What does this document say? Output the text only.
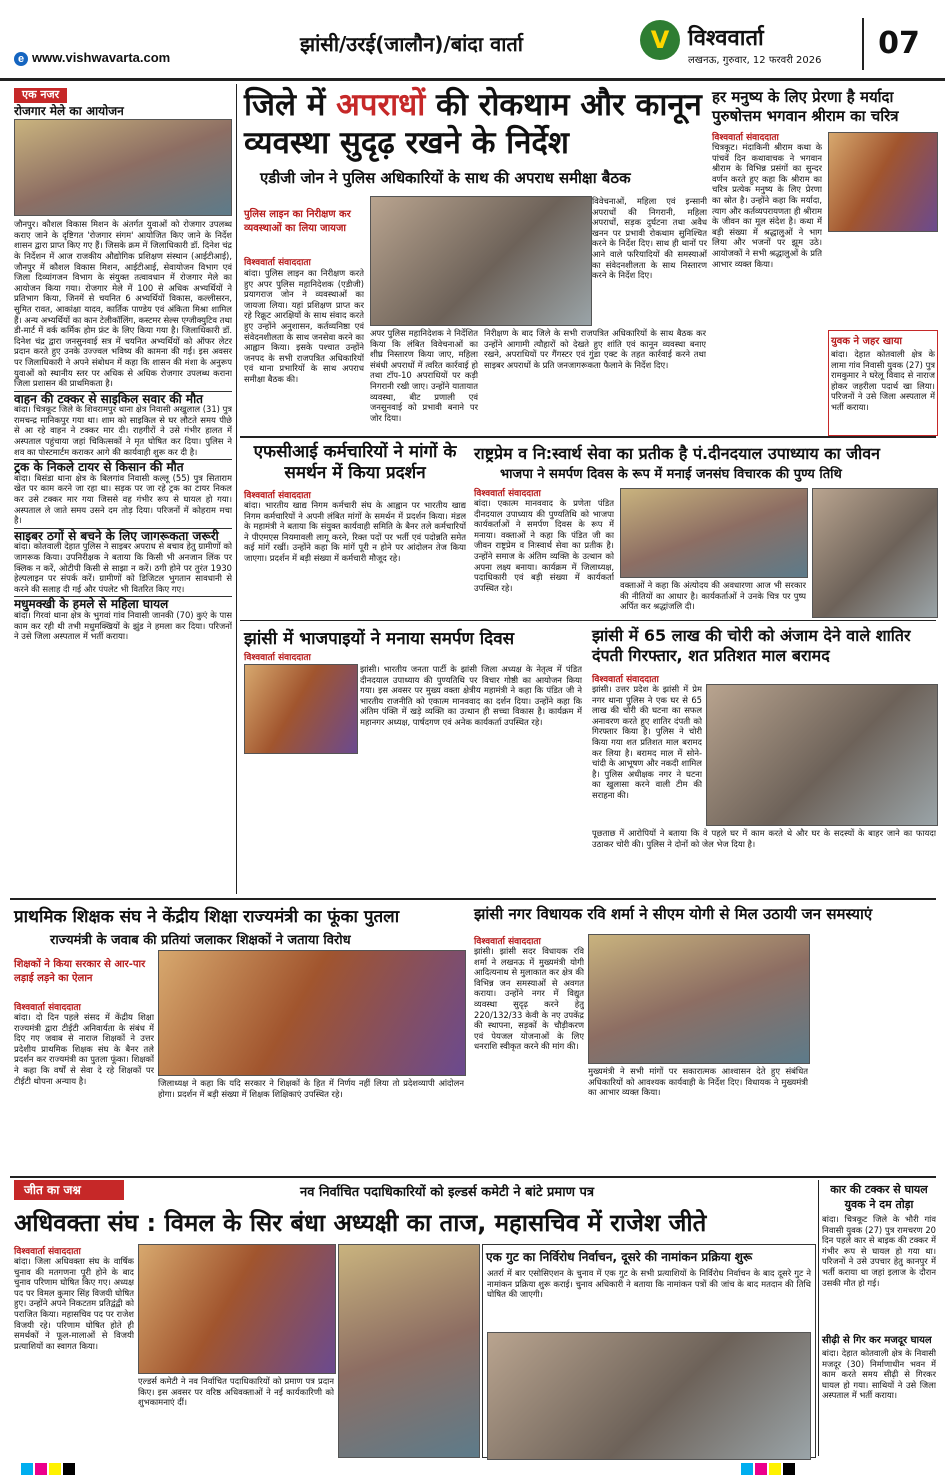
e www.vishwavarta.com
झांसी/उरई(जालौन)/बांदा वार्ता	V विश्ववार्ता
लखनऊ, गुरुवार, 12 फरवरी 2026	07
एक नजर
रोजगार मेले का आयोजन

जौनपुर। कौशल विकास मिशन के अंतर्गत युवाओं को रोजगार उपलब्ध कराए जाने के दृष्टिगत 'रोजगार संगम' आयोजित किए जाने के निर्देश शासन द्वारा प्राप्त किए गए हैं। जिसके क्रम में जिलाधिकारी डॉ. दिनेश चंद्र के निर्देशन में आज राजकीय औद्योगिक प्रशिक्षण संस्थान (आईटीआई), जौनपुर में कौशल विकास मिशन, आईटीआई, सेवायोजन विभाग एवं जिला दिव्यांगजन विभाग के संयुक्त तत्वावधान में रोजगार मेले का आयोजन किया गया। रोजगार मेले में 100 से अधिक अभ्यर्थियों ने प्रतिभाग किया, जिनमें से चयनित 6 अभ्यर्थियों विकास, कल्लीसरन, सुमित रावत, आकांक्षा यादव, कार्तिक पाण्डेय एवं अंकिता मिश्रा शामिल हैं। अन्य अभ्यर्थियों का कान टेलीकॉलिंग, कस्टमर सेल्स एग्जीक्युटिव तथा डी-मार्ट में वर्क कर्मिक होम फ्रंट के लिए किया गया है। जिलाधिकारी डॉ. दिनेश चंद्र द्वारा जनसुनवाई सत्र में चयनित अभ्यर्थियों को ऑफर लेटर प्रदान करते हुए उनके उज्ज्वल भविष्य की कामना की गई। इस अवसर पर जिलाधिकारी ने अपने संबोधन में कहा कि शासन की मंशा के अनुरूप युवाओं को स्थानीय स्तर पर अधिक से अधिक रोजगार उपलब्ध कराना जिला प्रशासन की प्राथमिकता है।

वाहन की टक्कर से साइकिल सवार की मौत

बांदा। चित्रकूट जिले के शिवरामपुर थाना क्षेत्र निवासी अखुलाल (31) पुत्र रामचन्द्र मानिकपुर गया था। शाम को साइकिल से घर लौटते समय पीछे से आ रहे वाहन ने टक्कर मार दी। राहगीरों ने उसे गंभीर हालत में अस्पताल पहुंचाया जहां चिकित्सकों ने मृत घोषित कर दिया। पुलिस ने शव का पोस्टमार्टम कराकर आगे की कार्यवाही शुरू कर दी है।

ट्रक के निकले टायर से किसान की मौत

बांदा। बिसंडा थाना क्षेत्र के बिलगांव निवासी कल्लू (55) पुत्र सिताराम खेत पर काम करने जा रहा था। सड़क पर जा रहे ट्रक का टायर निकल कर उसे टक्कर मार गया जिससे वह गंभीर रूप से घायल हो गया। अस्पताल ले जाते समय उसने दम तोड़ दिया। परिजनों में कोहराम मचा है।

साइबर ठगों से बचने के लिए जागरूकता जरूरी

बांदा। कोतवाली देहात पुलिस ने साइबर अपराध से बचाव हेतु ग्रामीणों को जागरूक किया। उपनिरीक्षक ने बताया कि किसी भी अनजान लिंक पर क्लिक न करें, ओटीपी किसी से साझा न करें। ठगी होने पर तुरंत 1930 हेल्पलाइन पर संपर्क करें। ग्रामीणों को डिजिटल भुगतान सावधानी से करने की सलाह दी गई और पंपलेट भी वितरित किए गए।

मधुमक्खी के हमले से महिला घायल

बांदा। गिरवां थाना क्षेत्र के भुगवां गांव निवासी जानकी (70) कुएं के पास काम कर रही थी तभी मधुमक्खियों के झुंड ने हमला कर दिया। परिजनों ने उसे जिला अस्पताल में भर्ती कराया।

जिले में अपराधों की रोकथाम और कानून व्यवस्था सुदृढ़ रखने के निर्देश
एडीजी जोन ने पुलिस अधिकारियों के साथ की अपराध समीक्षा बैठक
पुलिस लाइन का निरीक्षण कर व्यवस्थाओं का लिया जायजा
विवेचनाओं, महिला एवं इन्सानी अपराधों की निगरानी, महिला अपराधों, सड़क दुर्घटना तथा अवैध खनन पर प्रभावी रोकथाम सुनिश्चित करने के निर्देश दिए। साथ ही थानों पर आने वाले फरियादियों की समस्याओं का संवेदनशीलता के साथ निस्तारण करने के निर्देश दिए।
विश्ववार्ता संवाददाता
बांदा। पुलिस लाइन का निरीक्षण करते हुए अपर पुलिस महानिदेशक (एडीजी) प्रयागराज जोन ने व्यवस्थाओं का जायजा लिया। यहां प्रशिक्षण प्राप्त कर रहे रिक्रूट आरक्षियों के साथ संवाद करते हुए उन्होंने अनुशासन, कर्तव्यनिष्ठा एवं संवेदनशीलता के साथ जनसेवा करने का आह्वान किया। इसके पश्चात उन्होंने जनपद के सभी राजपत्रित अधिकारियों एवं थाना प्रभारियों के साथ अपराध समीक्षा बैठक की।
अपर पुलिस महानिदेशक ने निर्देशित किया कि लंबित विवेचनाओं का शीघ्र निस्तारण किया जाए, महिला संबंधी अपराधों में त्वरित कार्रवाई हो तथा टॉप-10 अपराधियों पर कड़ी निगरानी रखी जाए। उन्होंने यातायात व्यवस्था, बीट प्रणाली एवं जनसुनवाई को प्रभावी बनाने पर जोर दिया।
निरीक्षण के बाद जिले के सभी राजपत्रित अधिकारियों के साथ बैठक कर उन्होंने आगामी त्यौहारों को देखते हुए शांति एवं कानून व्यवस्था बनाए रखने, अपराधियों पर गैंगस्टर एवं गुंडा एक्ट के तहत कार्रवाई करने तथा साइबर अपराधों के प्रति जनजागरूकता फैलाने के निर्देश दिए।
हर मनुष्य के लिए प्रेरणा है मर्यादा पुरुषोत्तम भगवान श्रीराम का चरित्र
विश्ववार्ता संवाददाता
चित्रकूट। मंदाकिनी श्रीराम कथा के पांचवें दिन कथावाचक ने भगवान श्रीराम के विभिन्न प्रसंगों का सुन्दर वर्णन करते हुए कहा कि श्रीराम का चरित्र प्रत्येक मनुष्य के लिए प्रेरणा का स्रोत है। उन्होंने कहा कि मर्यादा, त्याग और कर्तव्यपरायणता ही श्रीराम के जीवन का मूल संदेश है। कथा में बड़ी संख्या में श्रद्धालुओं ने भाग लिया और भजनों पर झूम उठे। आयोजकों ने सभी श्रद्धालुओं के प्रति आभार व्यक्त किया।
युवक ने जहर खाया
बांदा। देहात कोतवाली क्षेत्र के लामा गांव निवासी युवक (27) पुत्र रामकुमार ने घरेलू विवाद से नाराज होकर जहरीला पदार्थ खा लिया। परिजनों ने उसे जिला अस्पताल में भर्ती कराया।
एफसीआई कर्मचारियों ने मांगों के समर्थन में किया प्रदर्शन
विश्ववार्ता संवाददाता
बांदा। भारतीय खाद्य निगम कर्मचारी संघ के आह्वान पर भारतीय खाद्य निगम कर्मचारियों ने अपनी लंबित मांगों के समर्थन में प्रदर्शन किया। मंडल के महामंत्री ने बताया कि संयुक्त कार्यवाही समिति के बैनर तले कर्मचारियों ने पीएमएस नियमावली लागू करने, रिक्त पदों पर भर्ती एवं पदोन्नति समेत कई मांगें रखीं। उन्होंने कहा कि मांगें पूरी न होने पर आंदोलन तेज किया जाएगा। प्रदर्शन में बड़ी संख्या में कर्मचारी मौजूद रहे।
राष्ट्रप्रेम व नि:स्वार्थ सेवा का प्रतीक है पं.दीनदयाल उपाध्याय का जीवन
भाजपा ने समर्पण दिवस के रूप में मनाई जनसंघ विचारक की पुण्य तिथि
विश्ववार्ता संवाददाता
बांदा। एकात्म मानववाद के प्रणेता पंडित दीनदयाल उपाध्याय की पुण्यतिथि को भाजपा कार्यकर्ताओं ने समर्पण दिवस के रूप में मनाया। वक्ताओं ने कहा कि पंडित जी का जीवन राष्ट्रप्रेम व निःस्वार्थ सेवा का प्रतीक है। उन्होंने समाज के अंतिम व्यक्ति के उत्थान को अपना लक्ष्य बनाया। कार्यक्रम में जिलाध्यक्ष, पदाधिकारी एवं बड़ी संख्या में कार्यकर्ता उपस्थित रहे।	वक्ताओं ने कहा कि अंत्योदय की अवधारणा आज भी सरकार की नीतियों का आधार है। कार्यकर्ताओं ने उनके चित्र पर पुष्प अर्पित कर श्रद्धांजलि दी।
झांसी में भाजपाइयों ने मनाया समर्पण दिवस
विश्ववार्ता संवाददाता
झांसी। भारतीय जनता पार्टी के झांसी जिला अध्यक्ष के नेतृत्व में पंडित दीनदयाल उपाध्याय की पुण्यतिथि पर विचार गोष्ठी का आयोजन किया गया। इस अवसर पर मुख्य वक्ता क्षेत्रीय महामंत्री ने कहा कि पंडित जी ने भारतीय राजनीति को एकात्म मानववाद का दर्शन दिया। उन्होंने कहा कि अंतिम पंक्ति में खड़े व्यक्ति का उत्थान ही सच्चा विकास है। कार्यक्रम में महानगर अध्यक्ष, पार्षदगण एवं अनेक कार्यकर्ता उपस्थित रहे।
झांसी में 65 लाख की चोरी को अंजाम देने वाले शातिर दंपती गिरफ्तार, शत प्रतिशत माल बरामद
विश्ववार्ता संवाददाता
झांसी। उत्तर प्रदेश के झांसी में प्रेम नगर थाना पुलिस ने एक घर से 65 लाख की चोरी की घटना का सफल अनावरण करते हुए शातिर दंपती को गिरफ्तार किया है। पुलिस ने चोरी किया गया शत प्रतिशत माल बरामद कर लिया है। बरामद माल में सोने-चांदी के आभूषण और नकदी शामिल है। पुलिस अधीक्षक नगर ने घटना का खुलासा करने वाली टीम की सराहना की।
पूछताछ में आरोपियों ने बताया कि वे पहले घर में काम करते थे और घर के सदस्यों के बाहर जाने का फायदा उठाकर चोरी की। पुलिस ने दोनों को जेल भेज दिया है।
प्राथमिक शिक्षक संघ ने केंद्रीय शिक्षा राज्यमंत्री का फूंका पुतला
राज्यमंत्री के जवाब की प्रतियां जलाकर शिक्षकों ने जताया विरोध
शिक्षकों ने किया सरकार से आर-पार लड़ाई लड़ने का ऐलान
विश्ववार्ता संवाददाता
बांदा। दो दिन पहले संसद में केंद्रीय शिक्षा राज्यमंत्री द्वारा टीईटी अनिवार्यता के संबंध में दिए गए जवाब से नाराज शिक्षकों ने उत्तर प्रदेशीय प्राथमिक शिक्षक संघ के बैनर तले प्रदर्शन कर राज्यमंत्री का पुतला फूंका। शिक्षकों ने कहा कि वर्षों से सेवा दे रहे शिक्षकों पर टीईटी थोपना अन्याय है।	जिलाध्यक्ष ने कहा कि यदि सरकार ने शिक्षकों के हित में निर्णय नहीं लिया तो प्रदेशव्यापी आंदोलन होगा। प्रदर्शन में बड़ी संख्या में शिक्षक शिक्षिकाएं उपस्थित रहे।
झांसी नगर विधायक रवि शर्मा ने सीएम योगी से मिल उठायी जन समस्याएं
विश्ववार्ता संवाददाता
झांसी। झांसी सदर विधायक रवि शर्मा ने लखनऊ में मुख्यमंत्री योगी आदित्यनाथ से मुलाकात कर क्षेत्र की विभिन्न जन समस्याओं से अवगत कराया। उन्होंने नगर में विद्युत व्यवस्था सुदृढ़ करने हेतु 220/132/33 केवी के नए उपकेंद्र की स्थापना, सड़कों के चौड़ीकरण एवं पेयजल योजनाओं के लिए धनराशि स्वीकृत करने की मांग की।
मुख्यमंत्री ने सभी मांगों पर सकारात्मक आश्वासन देते हुए संबंधित अधिकारियों को आवश्यक कार्यवाही के निर्देश दिए। विधायक ने मुख्यमंत्री का आभार व्यक्त किया।
जीत का जश्न	नव निर्वाचित पदाधिकारियों को इल्डर्स कमेटी ने बांटे प्रमाण पत्र
अधिवक्ता संघ : विमल के सिर बंधा अध्यक्षी का ताज, महासचिव में राजेश जीते
विश्ववार्ता संवाददाता
बांदा। जिला अधिवक्ता संघ के वार्षिक चुनाव की मतगणना पूरी होने के बाद चुनाव परिणाम घोषित किए गए। अध्यक्ष पद पर विमल कुमार सिंह विजयी घोषित हुए। उन्होंने अपने निकटतम प्रतिद्वंद्वी को पराजित किया। महासचिव पद पर राजेश विजयी रहे। परिणाम घोषित होते ही समर्थकों ने फूल-मालाओं से विजयी प्रत्याशियों का स्वागत किया।
एल्डर्स कमेटी ने नव निर्वाचित पदाधिकारियों को प्रमाण पत्र प्रदान किए। इस अवसर पर वरिष्ठ अधिवक्ताओं ने नई कार्यकारिणी को शुभकामनाएं दीं।
एक गुट का निर्विरोध निर्वाचन, दूसरे की नामांकन प्रक्रिया शुरू
अतर्रा में बार एसोसिएशन के चुनाव में एक गुट के सभी प्रत्याशियों के निर्विरोध निर्वाचन के बाद दूसरे गुट ने नामांकन प्रक्रिया शुरू कराई। चुनाव अधिकारी ने बताया कि नामांकन पत्रों की जांच के बाद मतदान की तिथि घोषित की जाएगी।
कार की टक्कर से घायल युवक ने दम तोड़ा
बांदा। चित्रकूट जिले के भौरी गांव निवासी युवक (27) पुत्र रामचरण 20 दिन पहले कार से बाइक की टक्कर में गंभीर रूप से घायल हो गया था। परिजनों ने उसे उपचार हेतु कानपुर में भर्ती कराया था जहां इलाज के दौरान उसकी मौत हो गई।
सीढ़ी से गिर कर मजदूर घायल
बांदा। देहात कोतवाली क्षेत्र के निवासी मजदूर (30) निर्माणाधीन भवन में काम करते समय सीढ़ी से गिरकर घायल हो गया। साथियों ने उसे जिला अस्पताल में भर्ती कराया।
